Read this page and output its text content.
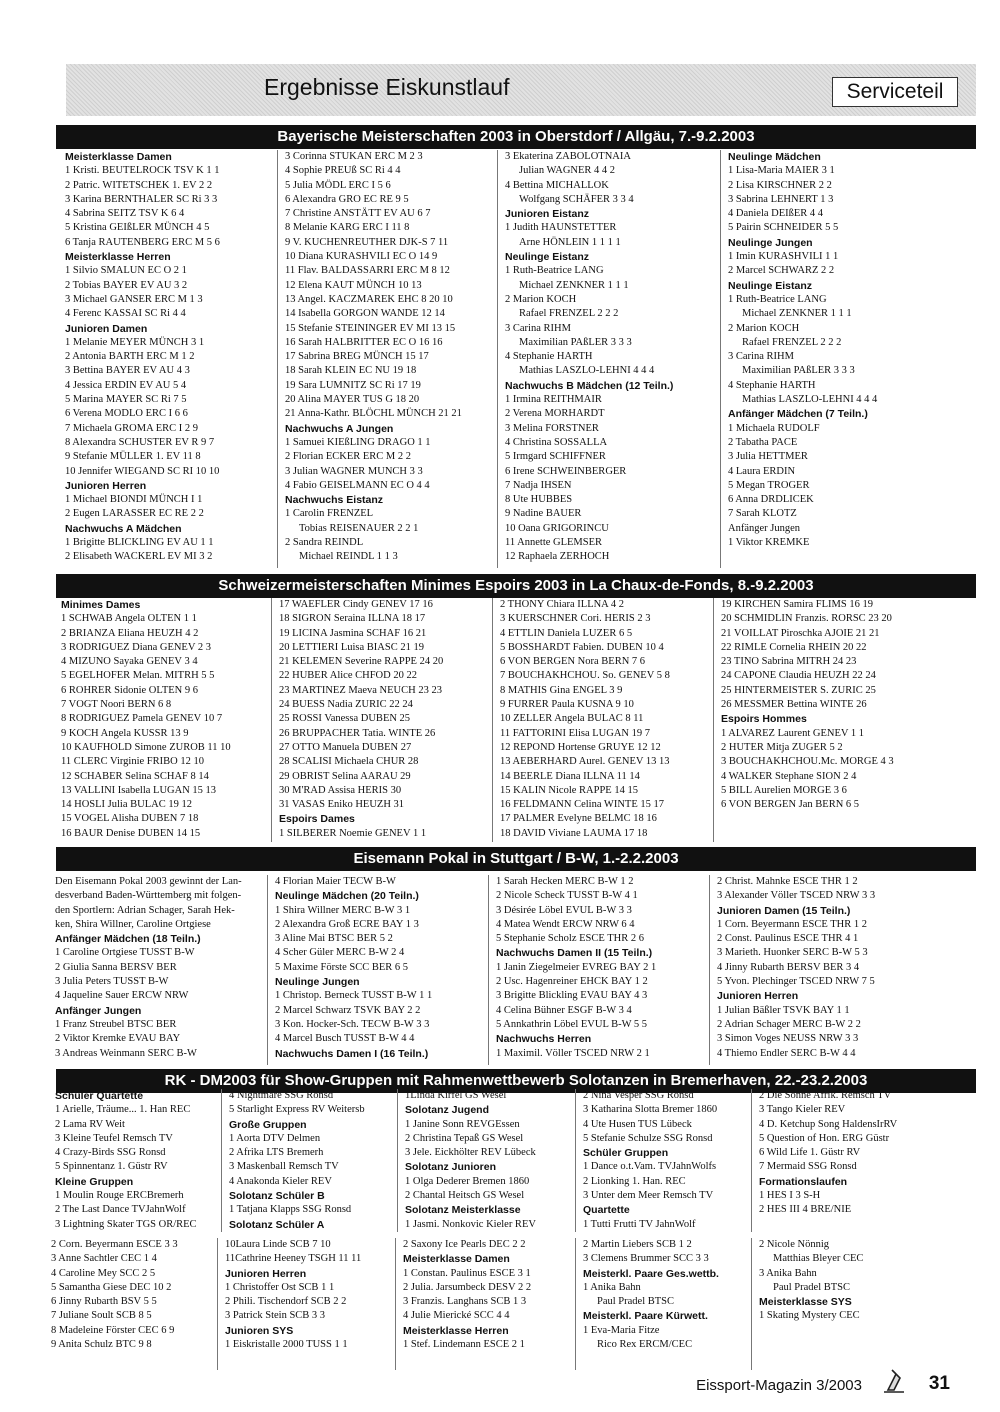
Ergebnisse Eiskunstlauf	Serviceteil
Bayerische Meisterschaften 2003 in Oberstdorf / Allgäu, 7.-9.2.2003
Schweizermeisterschaften Minimes Espoirs 2003 in La Chaux-de-Fonds, 8.-9.2.2003
Eisemann Pokal in Stuttgart / B-W, 1.-2.2.2003
RK - DM2003 für Show-Gruppen mit Rahmenwettbewerb Solotanzen in Bremerhaven, 22.-23.2.2003
Meisterklasse Damen
1 Kristi. BEUTELROCK TSV K 1 1
2 Patric. WITETSCHEK 1. EV 2 2
3 Karina BERNTHALER SC Ri 3 3
4 Sabrina SEITZ TSV K 6 4
5 Kristina GEIßLER MÜNCH 4 5
6 Tanja RAUTENBERG ERC M 5 6
Meisterklasse Herren
1 Silvio SMALUN EC O 2 1
2 Tobias BAYER EV AU 3 2
3 Michael GANSER ERC M 1 3
4 Ferenc KASSAI SC Ri 4 4
Junioren Damen
1 Melanie MEYER MÜNCH 3 1
2 Antonia BARTH ERC M 1 2
3 Bettina BAYER EV AU 4 3
4 Jessica ERDIN EV AU 5 4
5 Marina MAYER SC Ri 7 5
6 Verena MODLO ERC I 6 6
7 Michaela GROMA ERC I 2 9
8 Alexandra SCHUSTER EV R 9 7
9 Stefanie MÜLLER 1. EV 11 8
10 Jennifer WIEGAND SC RI 10 10
Junioren Herren
1 Michael BIONDI MÜNCH I 1
2 Eugen LARASSER EC RE 2 2
Nachwuchs A Mädchen
1 Brigitte BLICKLING EV AU 1 1
2 Elisabeth WACKERL EV MI 3 2
3 Corinna STUKAN ERC M 2 3
4 Sophie PREUß SC Ri 4 4
5 Julia MÖDL ERC I 5 6
6 Alexandra GRO EC RE 9 5
7 Christine ANSTÄTT EV AU 6 7
8 Melanie KARG ERC I 11 8
9 V. KUCHENREUTHER DJK-S 7 11
10 Diana KURASHVILI EC O 14 9
11 Flav. BALDASSARRI ERC M 8 12
12 Elena KAUT MÜNCH 10 13
13 Angel. KACZMAREK EHC 8 20 10
14 Isabella GORGON WANDE 12 14
15 Stefanie STEININGER EV MI 13 15
16 Sarah HALBRITTER EC O 16 16
17 Sabrina BREG MÜNCH 15 17
18 Sarah KLEIN EC NU 19 18
19 Sara LUMNITZ SC Ri 17 19
20 Alina MAYER TUS G 18 20
21 Anna-Kathr. BLÖCHL MÜNCH 21 21
Nachwuchs A Jungen
1 Samuei KIEßLING DRAGO 1 1
2 Florian ECKER ERC M 2 2
3 Julian WAGNER MUNCH 3 3
4 Fabio GEISELMANN EC O 4 4
Nachwuchs Eistanz
1 Carolin FRENZEL
Tobias REISENAUER 2 2 1
2 Sandra REINDL
Michael REINDL 1 1 3
3 Ekaterina ZABOLOTNAIA
Julian WAGNER 4 4 2
4 Bettina MICHALLOK
Wolfgang SCHÄFER 3 3 4
Junioren Eistanz
1 Judith HAUNSTETTER
Arne HÖNLEIN 1 1 1 1
Neulinge Eistanz
1 Ruth-Beatrice LANG
Michael ZENKNER 1 1 1
2 Marion KOCH
Rafael FRENZEL 2 2 2
3 Carina RIHM
Maximilian PAßLER 3 3 3
4 Stephanie HARTH
Mathias LASZLO-LEHNI 4 4 4
Nachwuchs B Mädchen (12 Teiln.)
1 Irmina REITHMAIR
2 Verena MORHARDT
3 Melina FORSTNER
4 Christina SOSSALLA
5 Irmgard SCHIFFNER
6 Irene SCHWEINBERGER
7 Nadja IHSEN
8 Ute HUBBES
9 Nadine BAUER
10 Oana GRIGORINCU
11 Annette GLEMSER
12 Raphaela ZERHOCH
Neulinge Mädchen
1 Lisa-Maria MAIER 3 1
2 Lisa KIRSCHNER 2 2
3 Sabrina LEHNERT 1 3
4 Daniela DEIßER 4 4
5 Pairin SCHNEIDER 5 5
Neulinge Jungen
1 Imin KURASHVILI 1 1
2 Marcel SCHWARZ 2 2
Neulinge Eistanz
1 Ruth-Beatrice LANG
Michael ZENKNER 1 1 1
2 Marion KOCH
Rafael FRENZEL 2 2 2
3 Carina RIHM
Maximilian PAßLER 3 3 3
4 Stephanie HARTH
Mathias LASZLO-LEHNI 4 4 4
Anfänger Mädchen (7 Teiln.)
1 Michaela RUDOLF
2 Tabatha PACE
3 Julia HETTMER
4 Laura ERDIN
5 Megan TROGER
6 Anna DRDLICEK
7 Sarah KLOTZ
Anfänger Jungen
1 Viktor KREMKE
Minimes Dames
1 SCHWAB Angela OLTEN 1 1
2 BRIANZA Eliana HEUZH 4 2
3 RODRIGUEZ Diana GENEV 2 3
4 MIZUNO Sayaka GENEV 3 4
5 EGELHOFER Melan. MITRH 5 5
6 ROHRER Sidonie OLTEN 9 6
7 VOGT Noori BERN 6 8
8 RODRIGUEZ Pamela GENEV 10 7
9 KOCH Angela KUSSR 13 9
10 KAUFHOLD Simone ZUROB 11 10
11 CLERC Virginie FRIBO 12 10
12 SCHABER Selina SCHAF 8 14
13 VALLINI Isabella LUGAN 15 13
14 HOSLI Julia BULAC 19 12
15 VOGEL Alisha DUBEN 7 18
16 BAUR Denise DUBEN 14 15
17 WAEFLER Cindy GENEV 17 16
18 SIGRON Seraina ILLNA 18 17
19 LICINA Jasmina SCHAF 16 21
20 LETTIERI Luisa BIASC 21 19
21 KELEMEN Severine RAPPE 24 20
22 HUBER Alice CHFOD 20 22
23 MARTINEZ Maeva NEUCH 23 23
24 BUESS Nadia ZURIC 22 24
25 ROSSI Vanessa DUBEN 25
26 BRUPPACHER Tatia. WINTE 26
27 OTTO Manuela DUBEN 27
28 SCALISI Michaela CHUR 28
29 OBRIST Selina AARAU 29
30 M'RAD Assisa HERIS 30
31 VASAS Eniko HEUZH 31
Espoirs Dames
1 SILBERER Noemie GENEV 1 1
2 THONY Chiara ILLNA 4 2
3 KUERSCHNER Cori. HERIS 2 3
4 ETTLIN Daniela LUZER 6 5
5 BOSSHARDT Fabien. DUBEN 10 4
6 VON BERGEN Nora BERN 7 6
7 BOUCHAKHCHOU. So. GENEV 5 8
8 MATHIS Gina ENGEL 3 9
9 FURRER Paula KUSNA 9 10
10 ZELLER Angela BULAC 8 11
11 FATTORINI Elisa LUGAN 19 7
12 REPOND Hortense GRUYE 12 12
13 AEBERHARD Aurel. GENEV 13 13
14 BEERLE Diana ILLNA 11 14
15 KALIN Nicole RAPPE 14 15
16 FELDMANN Celina WINTE 15 17
17 PALMER Evelyne BELMC 18 16
18 DAVID Viviane LAUMA 17 18
19 KIRCHEN Samira FLIMS 16 19
20 SCHMIDLIN Franzis. RORSC 23 20
21 VOILLAT Piroschka AJOIE 21 21
22 RIMLE Cornelia RHEIN 20 22
23 TINO Sabrina MITRH 24 23
24 CAPONE Claudia HEUZH 22 24
25 HINTERMEISTER S. ZURIC 25
26 MESSMER Bettina WINTE 26
Espoirs Hommes
1 ALVAREZ Laurent GENEV 1 1
2 HUTER Mitja ZUGER 5 2
3 BOUCHAKHCHOU.Mc. MORGE 4 3
4 WALKER Stephane SION 2 4
5 BILL Aurelien MORGE 3 6
6 VON BERGEN Jan BERN 6 5
Den Eisemann Pokal 2003 gewinnt der Lan-
desverband Baden-Württemberg mit folgen-
den Sportlern: Adrian Schager, Sarah Hek-
ken, Shira Willner, Caroline Ortgiese
Anfänger Mädchen (18 Teiln.)
1 Caroline Ortgiese TUSST B-W
2 Giulia Sanna BERSV BER
3 Julia Peters TUSST B-W
4 Jaqueline Sauer ERCW NRW
Anfänger Jungen
1 Franz Streubel BTSC BER
2 Viktor Kremke EVAU BAY
3 Andreas Weinmann SERC B-W
4 Florian Maier TECW B-W
Neulinge Mädchen (20 Teiln.)
1 Shira Willner MERC B-W 3 1
2 Alexandra Groß ECRE BAY 1 3
3 Aline Mai BTSC BER 5 2
4 Scher Güler MERC B-W 2 4
5 Maxime Förste SCC BER 6 5
Neulinge Jungen
1 Christop. Berneck TUSST B-W 1 1
2 Marcel Schwarz TSVK BAY 2 2
3 Kon. Hocker-Sch. TECW B-W 3 3
4 Marcel Busch TUSST B-W 4 4
Nachwuchs Damen I (16 Teiln.)
1 Sarah Hecken MERC B-W 1 2
2 Nicole Scheck TUSST B-W 4 1
3 Désirée Löbel EVUL B-W 3 3
4 Matea Wendt ERCW NRW 6 4
5 Stephanie Scholz ESCE THR 2 6
Nachwuchs Damen II (15 Teiln.)
1 Janin Ziegelmeier EVREG BAY 2 1
2 Usc. Hagenreiner EHCK BAY 1 2
3 Brigitte Blickling EVAU BAY 4 3
4 Celina Bühner ESGF B-W 3 4
5 Annkathrin Löbel EVUL B-W 5 5
Nachwuchs Herren
1 Maximil. Völler TSCED NRW 2 1
2 Christ. Mahnke ESCE THR 1 2
3 Alexander Völler TSCED NRW 3 3
Junioren Damen (15 Teiln.)
1 Corn. Beyermann ESCE THR 1 2
2 Const. Paulinus ESCE THR 4 1
3 Marieth. Huonker SERC B-W 5 3
4 Jinny Rubarth BERSV BER 3 4
5 Yvon. Plechinger TSCED NRW 7 5
Junioren Herren
1 Julian Bäßler TSVK BAY 1 1
2 Adrian Schager MERC B-W 2 2
3 Simon Voges NEUSS NRW 3 3
4 Thiemo Endler SERC B-W 4 4
Schüler Quartette
1 Arielle, Träume... 1. Han REC
2 Lama RV Weit
3 Kleine Teufel Remsch TV
4 Crazy-Birds SSG Ronsd
5 Spinnentanz 1. Güstr RV
Kleine Gruppen
1 Moulin Rouge ERCBremerh
2 The Last Dance TVJahnWolf
3 Lightning Skater TGS OR/REC
4 Nightmare SSG Ronsd
5 Starlight Express RV Weitersb
Große Gruppen
1 Aorta DTV Delmen
2 Afrika LTS Bremerh
3 Maskenball Remsch TV
4 Anakonda Kieler REV
Solotanz Schüler B
1 Tatjana Klapps SSG Ronsd
Solotanz Schüler A
1Linda Kirfel GS Wesel
Solotanz Jugend
1 Janine Sonn REVGEssen
2 Christina Tepaß GS Wesel
3 Jele. Eickhölter REV Lübeck
Solotanz Junioren
1 Olga Dederer Bremen 1860
2 Chantal Heitsch GS Wesel
Solotanz Meisterklasse
1 Jasmi. Nonkovic Kieler REV
2 Nina Vesper SSG Ronsd
3 Katharina Slotta Bremer 1860
4 Ute Husen TUS Lübeck
5 Stefanie Schulze SSG Ronsd
Schüler Gruppen
1 Dance o.t.Vam. TVJahnWolfs
2 Lionking 1. Han. REC
3 Unter dem Meer Remsch TV
Quartette
1 Tutti Frutti TV JahnWolf
2 Die Sonne Afrik. Remsch TV
3 Tango Kieler REV
4 D. Ketchup Song HaldensIrRV
5 Question of Hon. ERG Güstr
6 Wild Life 1. Güstr RV
7 Mermaid SSG Ronsd
Formationslaufen
1 HES I 3 S-H
2 HES III 4 BRE/NIE
2 Corn. Beyermann ESCE 3 3
3 Anne Sachtler CEC 1 4
4 Caroline Mey SCC 2 5
5 Samantha Giese DEC 10 2
6 Jinny Rubarth BSV 5 5
7 Juliane Soult SCB 8 5
8 Madeleine Förster CEC 6 9
9 Anita Schulz BTC 9 8
10Laura Linde SCB 7 10
11Cathrine Heeney TSGH 11 11
Junioren Herren
1 Christoffer Ost SCB 1 1
2 Phili. Tischendorf SCB 2 2
3 Patrick Stein SCB 3 3
Junioren SYS
1 Eiskristalle 2000 TUSS 1 1
2 Saxony Ice Pearls DEC 2 2
Meisterklasse Damen
1 Constan. Paulinus ESCE 3 1
2 Julia. Jarsumbeck DESV 2 2
3 Franzis. Langhans SCB 1 3
4 Julie Mierické SCC 4 4
Meisterklasse Herren
1 Stef. Lindemann ESCE 2 1
2 Martin Liebers SCB 1 2
3 Clemens Brummer SCC 3 3
Meisterkl. Paare Ges.wettb.
1 Anika Bahn
Paul Pradel BTSC
Meisterkl. Paare Kürwett.
1 Eva-Maria Fitze
Rico Rex ERCM/CEC
2 Nicole Nönnig
Matthias Bleyer CEC
3 Anika Bahn
Paul Pradel BTSC
Meisterklasse SYS
1 Skating Mystery CEC
Eissport-Magazin 3/2003	31
